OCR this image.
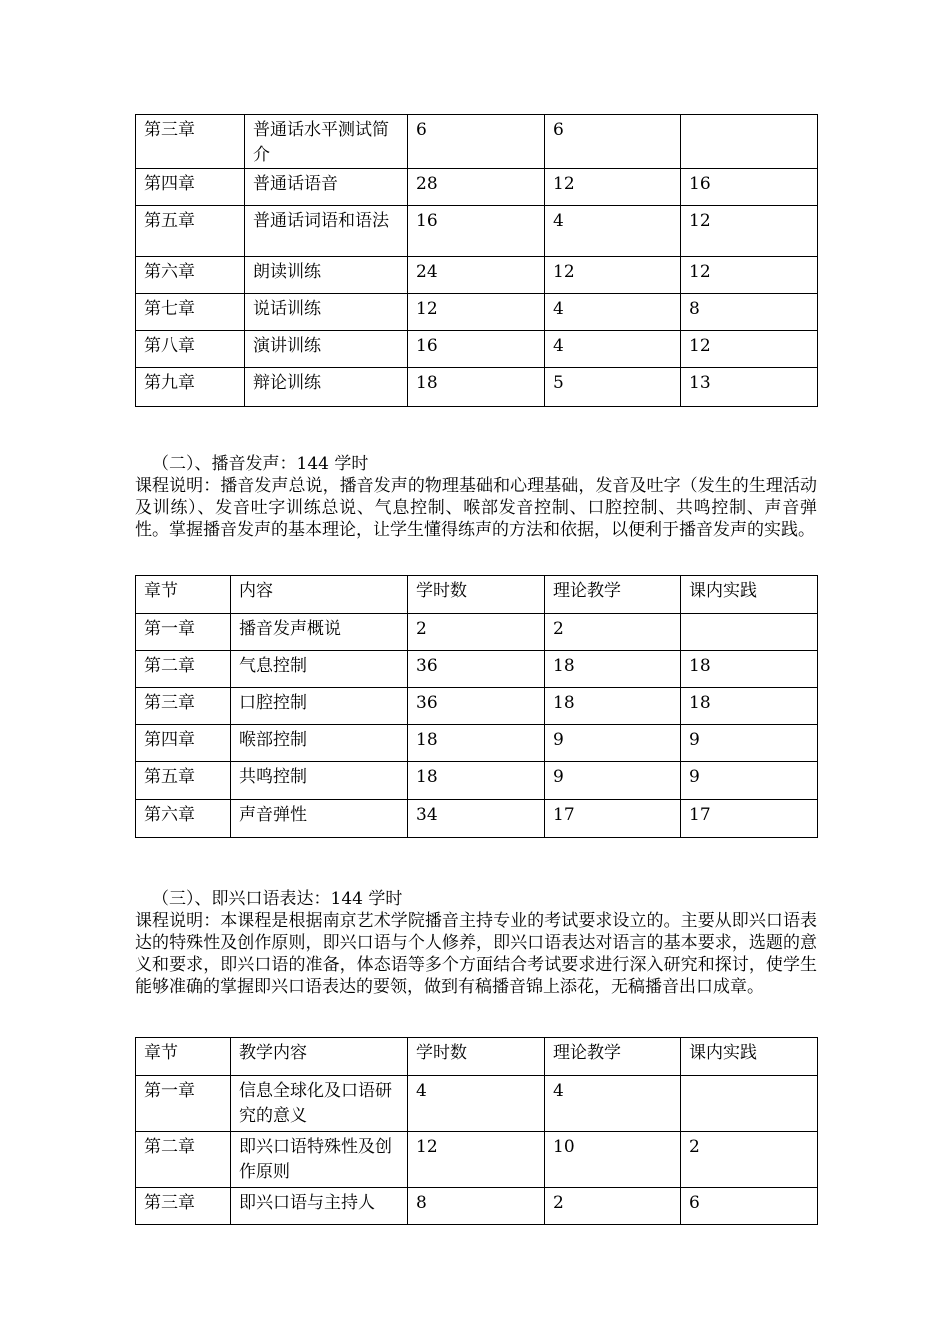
第三章	普通话水平测试简介	6	6	
第四章	普通话语音	28	12	16
第五章	普通话词语和语法	16	4	12
第六章	朗读训练	24	12	12
第七章	说话训练	12	4	8
第八章	演讲训练	16	4	12
第九章	辩论训练	18	5	13
（二）、播音发声：144 学时
课程说明：播音发声总说，播音发声的物理基础和心理基础，发音及吐字（发生的生理活动及训练）、发音吐字训练总说、气息控制、喉部发音控制、口腔控制、共鸣控制、声音弹性。掌握播音发声的基本理论，让学生懂得练声的方法和依据，以便利于播音发声的实践。
章节	内容	学时数	理论教学	课内实践
第一章	播音发声概说	2	2	
第二章	气息控制	36	18	18
第三章	口腔控制	36	18	18
第四章	喉部控制	18	9	9
第五章	共鸣控制	18	9	9
第六章	声音弹性	34	17	17
（三）、即兴口语表达：144 学时
课程说明：本课程是根据南京艺术学院播音主持专业的考试要求设立的。主要从即兴口语表达的特殊性及创作原则，即兴口语与个人修养，即兴口语表达对语言的基本要求，选题的意义和要求，即兴口语的准备，体态语等多个方面结合考试要求进行深入研究和探讨，使学生能够准确的掌握即兴口语表达的要领，做到有稿播音锦上添花，无稿播音出口成章。
章节	教学内容	学时数	理论教学	课内实践
第一章	信息全球化及口语研究的意义	4	4	
第二章	即兴口语特殊性及创作原则	12	10	2
第三章	即兴口语与主持人	8	2	6
